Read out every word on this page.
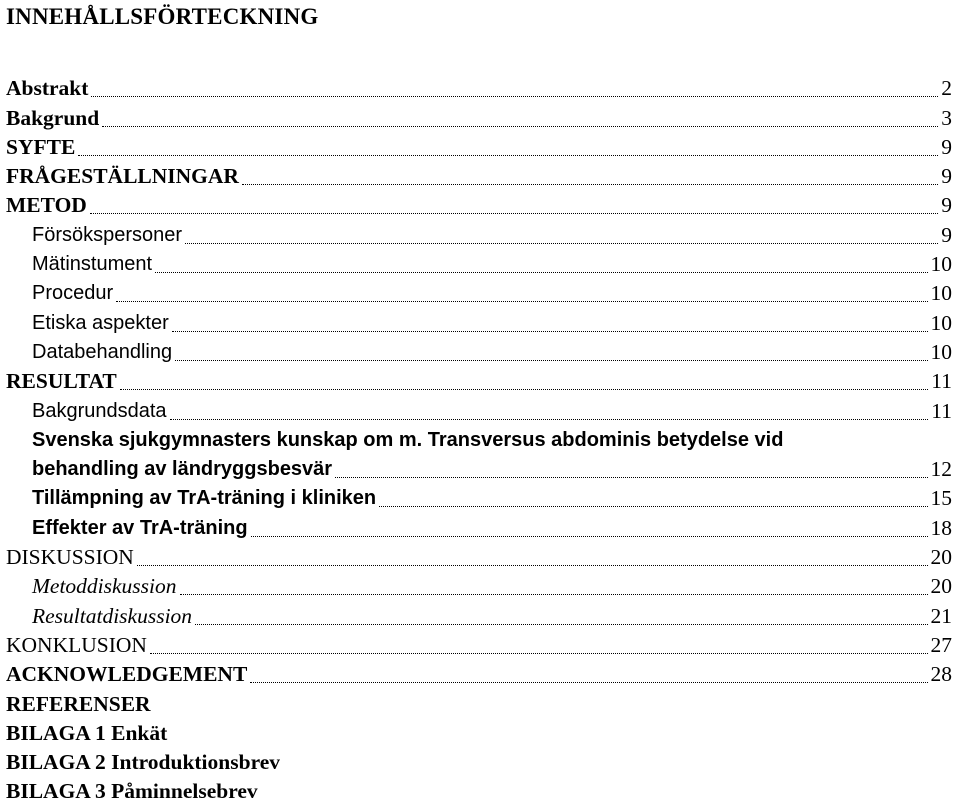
INNEHÅLLSFÖRTECKNING
Abstrakt	2
Bakgrund	3
SYFTE	9
FRÅGESTÄLLNINGAR	9
METOD	9
Försökspersoner	9
Mätinstument	10
Procedur	10
Etiska aspekter	10
Databehandling	10
RESULTAT	11
Bakgrundsdata	11
Svenska sjukgymnasters kunskap om m. Transversus abdominis betydelse vid
behandling av ländryggsbesvär	12
Tillämpning av TrA-träning i kliniken	15
Effekter av TrA-träning	18
DISKUSSION	20
Metoddiskussion	20
Resultatdiskussion	21
KONKLUSION	27
ACKNOWLEDGEMENT	28
REFERENSER
BILAGA 1 Enkät
BILAGA 2 Introduktionsbrev
BILAGA 3 Påminnelsebrev
